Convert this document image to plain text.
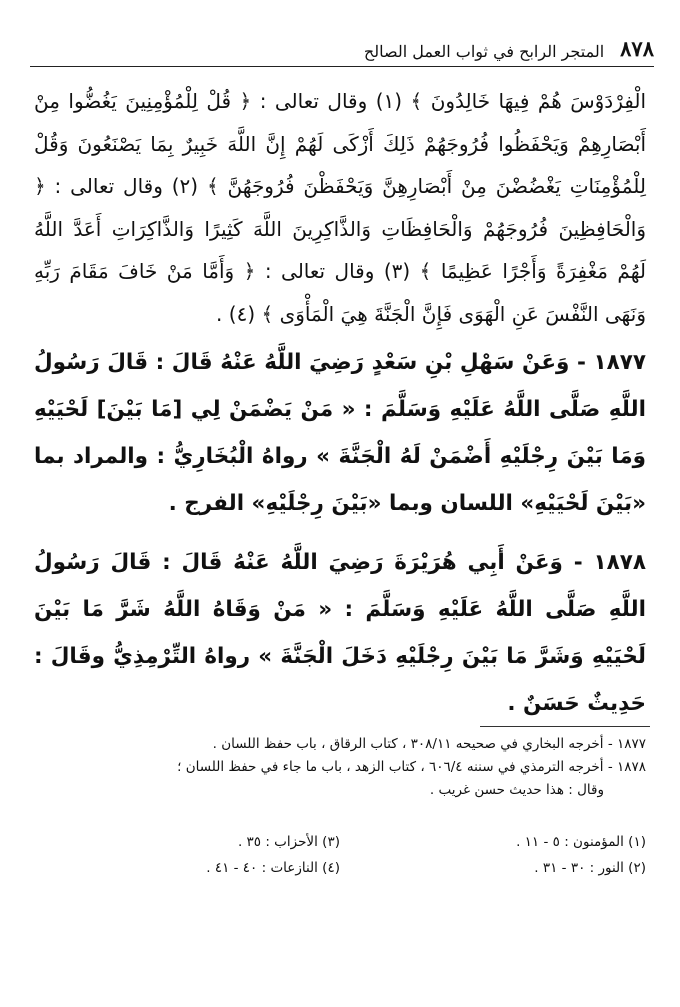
٨٧٨
المتجر الرابح في ثواب العمل الصالح

الْفِرْدَوْسَ هُمْ فِيهَا خَالِدُونَ ﴾ (١) وقال تعالى : ﴿ قُلْ لِلْمُؤْمِنِينَ يَغُضُّوا مِنْ أَبْصَارِهِمْ وَيَحْفَظُوا فُرُوجَهُمْ ذَلِكَ أَزْكَى لَهُمْ إِنَّ اللَّهَ خَبِيرٌ بِمَا يَصْنَعُونَ وَقُلْ لِلْمُؤْمِنَاتِ يَغْضُضْنَ مِنْ أَبْصَارِهِنَّ وَيَحْفَظْنَ فُرُوجَهُنَّ ﴾ (٢) وقال تعالى : ﴿ وَالْحَافِظِينَ فُرُوجَهُمْ وَالْحَافِظَاتِ وَالذَّاكِرِينَ اللَّهَ كَثِيرًا وَالذَّاكِرَاتِ أَعَدَّ اللَّهُ لَهُمْ مَغْفِرَةً وَأَجْرًا عَظِيمًا ﴾ (٣) وقال تعالى : ﴿ وَأَمَّا مَنْ خَافَ مَقَامَ رَبِّهِ وَنَهَى النَّفْسَ عَنِ الْهَوَى فَإِنَّ الْجَنَّةَ هِيَ الْمَأْوَى ﴾ (٤) .

١٨٧٧ - وَعَنْ سَهْلِ بْنِ سَعْدٍ رَضِيَ اللَّهُ عَنْهُ قَالَ : قَالَ رَسُولُ اللَّهِ صَلَّى اللَّهُ عَلَيْهِ وَسَلَّمَ : « مَنْ يَضْمَنْ لِي [مَا بَيْنَ] لَحْيَيْهِ وَمَا بَيْنَ رِجْلَيْهِ أَضْمَنْ لَهُ الْجَنَّةَ » رواهُ الْبُخَارِيُّ : والمراد بما «بَيْنَ لَحْيَيْهِ» اللسان وبما «بَيْنَ رِجْلَيْهِ» الفرج .

١٨٧٨ - وَعَنْ أَبِي هُرَيْرَةَ رَضِيَ اللَّهُ عَنْهُ قَالَ : قَالَ رَسُولُ اللَّهِ صَلَّى اللَّهُ عَلَيْهِ وَسَلَّمَ : « مَنْ وَقَاهُ اللَّهُ شَرَّ مَا بَيْنَ لَحْيَيْهِ وَشَرَّ مَا بَيْنَ رِجْلَيْهِ دَخَلَ الْجَنَّةَ » رواهُ التِّرْمِذِيُّ وقَالَ : حَدِيثٌ حَسَنٌ .

١٨٧٧ - أخرجه البخاري في صحيحه ٣٠٨/١١ ، كتاب الرقاق ، باب حفظ اللسان .

١٨٧٨ - أخرجه الترمذي في سننه ٦٠٦/٤ ، كتاب الزهد ، باب ما جاء في حفظ اللسان ؛

وقال : هذا حديث حسن غريب .

(١) المؤمنون : ٥ - ١١ .
(٣) الأحزاب : ٣٥ .
(٢) النور : ٣٠ - ٣١ .
(٤) النازعات : ٤٠ - ٤١ .
